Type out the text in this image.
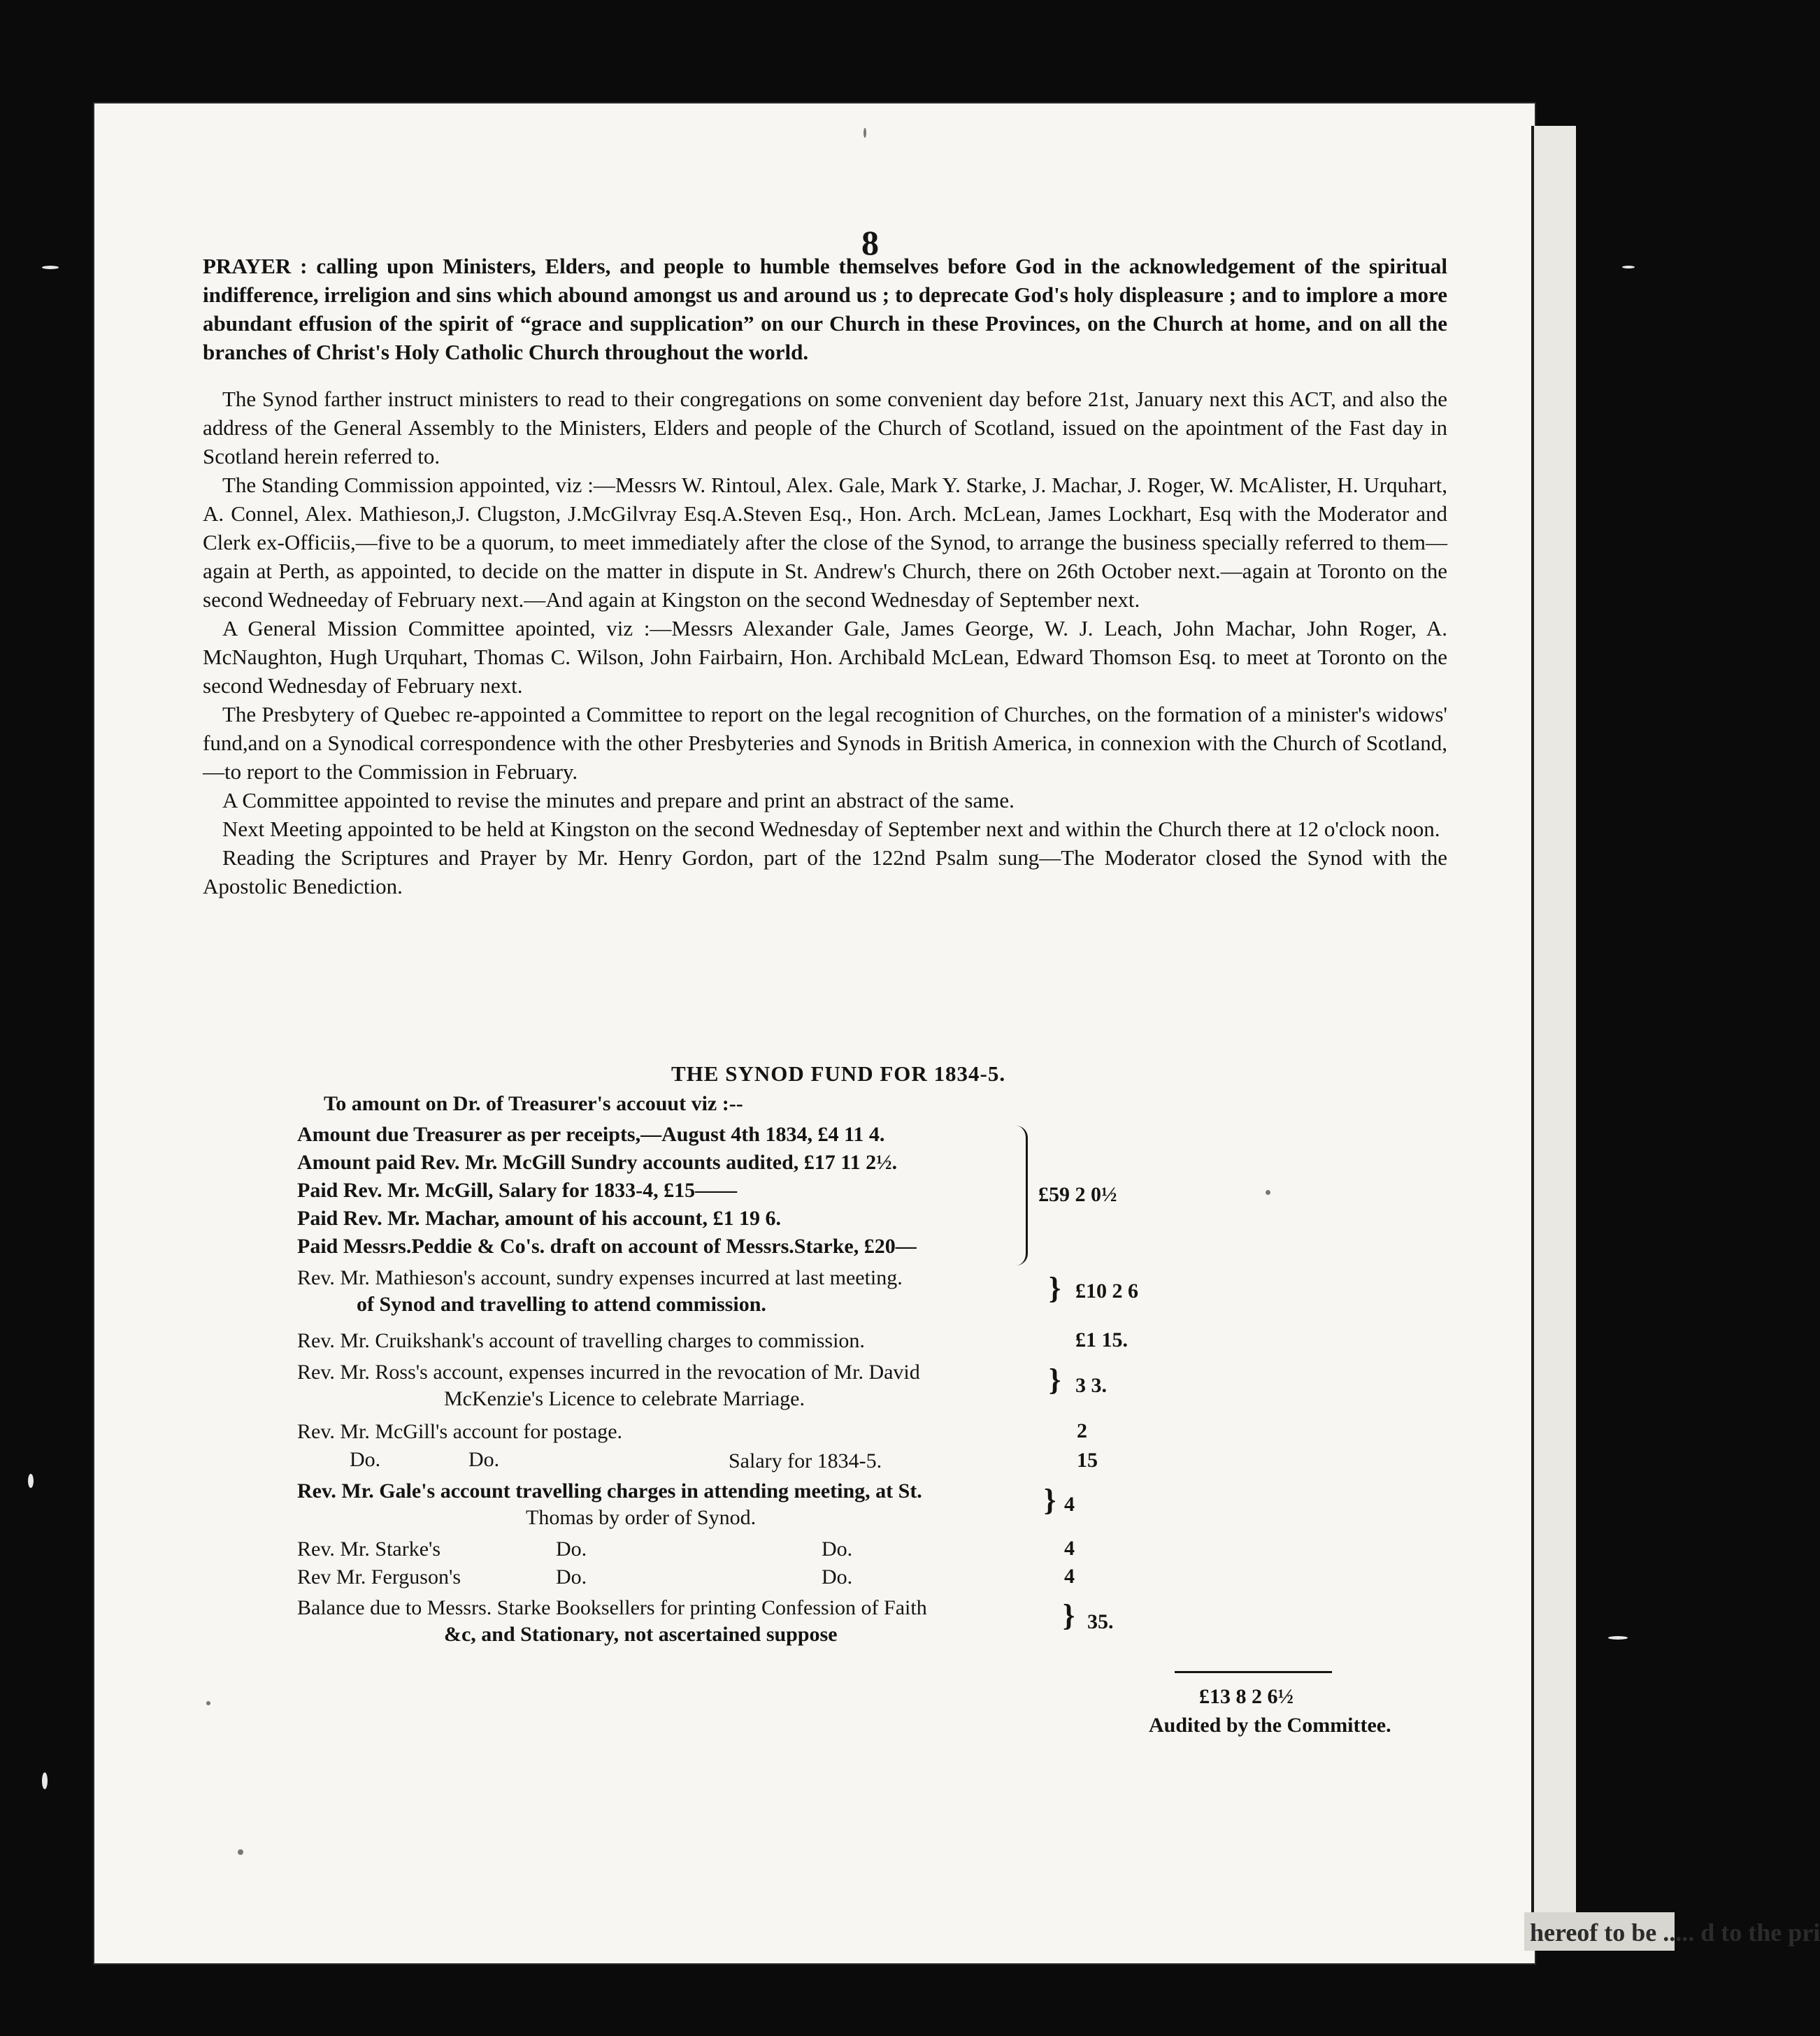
hereof to be ..... d to the pri
8

PRAYER : calling upon Ministers, Elders, and people to humble themselves before God in the acknowledgement of the spiritual indifference, irreligion and sins which abound amongst us and around us ; to deprecate God's holy displeasure ; and to implore a more abundant effusion of the spirit of “grace and supplication” on our Church in these Provinces, on the Church at home, and on all the branches of Christ's Holy Catholic Church throughout the world.

The Synod farther instruct ministers to read to their congregations on some convenient day before 21st, January next this ACT, and also the address of the General Assembly to the Ministers, Elders and people of the Church of Scotland, issued on the apointment of the Fast day in Scotland herein referred to.

The Standing Commission appointed, viz :—Messrs W. Rintoul, Alex. Gale, Mark Y. Starke, J. Machar, J. Roger, W. McAlister, H. Urquhart, A. Connel, Alex. Mathieson,J. Clugston, J.McGilvray Esq.A.Steven Esq., Hon. Arch. McLean, James Lockhart, Esq with the Moderator and Clerk ex-Officiis,—five to be a quorum, to meet immediately after the close of the Synod, to arrange the business specially referred to them—again at Perth, as appointed, to decide on the matter in dispute in St. Andrew's Church, there on 26th October next.—again at Toronto on the second Wedneeday of February next.—And again at Kingston on the second Wednesday of September next.

A General Mission Committee apointed, viz :—Messrs Alexander Gale, James George, W. J. Leach, John Machar, John Roger, A. McNaughton, Hugh Urquhart, Thomas C. Wilson, John Fairbairn, Hon. Archibald McLean, Edward Thomson Esq. to meet at Toronto on the second Wednesday of February next.

The Presbytery of Quebec re-appointed a Committee to report on the legal recognition of Churches, on the formation of a minister's widows' fund,and on a Synodical correspondence with the other Presbyteries and Synods in British America, in connexion with the Church of Scotland,—to report to the Commission in February.

A Committee appointed to revise the minutes and prepare and print an abstract of the same.

Next Meeting appointed to be held at Kingston on the second Wednesday of September next and within the Church there at 12 o'clock noon.

Reading the Scriptures and Prayer by Mr. Henry Gordon, part of the 122nd Psalm sung—The Moderator closed the Synod with the Apostolic Benediction.

THE SYNOD FUND FOR 1834-5.
To amount on Dr. of Treasurer's accouut viz :--
Amount due Treasurer as per receipts,—August 4th 1834, £4 11 4.
Amount paid Rev. Mr. McGill Sundry accounts audited, £17 11 2½.
Paid Rev. Mr. McGill, Salary for 1833-4, £15——
Paid Rev. Mr. Machar, amount of his account, £1 19 6.
Paid Messrs.Peddie & Co's. draft on account of Messrs.Starke, £20—
£59 2 0½
Rev. Mr. Mathieson's account, sundry expenses incurred at last meeting.
of Synod and travelling to attend commission.	} £10 2 6
Rev. Mr. Cruikshank's account of travelling charges to commission.	£1 15.
Rev. Mr. Ross's account, expenses incurred in the revocation of Mr. David
McKenzie's Licence to celebrate Marriage.
} 3 3.
Rev. Mr. McGill's account for postage.	2
Do.	Do.	Salary for 1834-5.	15
Rev. Mr. Gale's account travelling charges in attending meeting, at St.
Thomas by order of Synod.
} 4
Rev. Mr. Starke's	Do.	Do.	4
Rev Mr. Ferguson's	Do.	Do.	4
Balance due to Messrs. Starke Booksellers for printing Confession of Faith
&c, and Stationary, not ascertained suppose
} 35.
£13 8 2 6½
Audited by the Committee.
